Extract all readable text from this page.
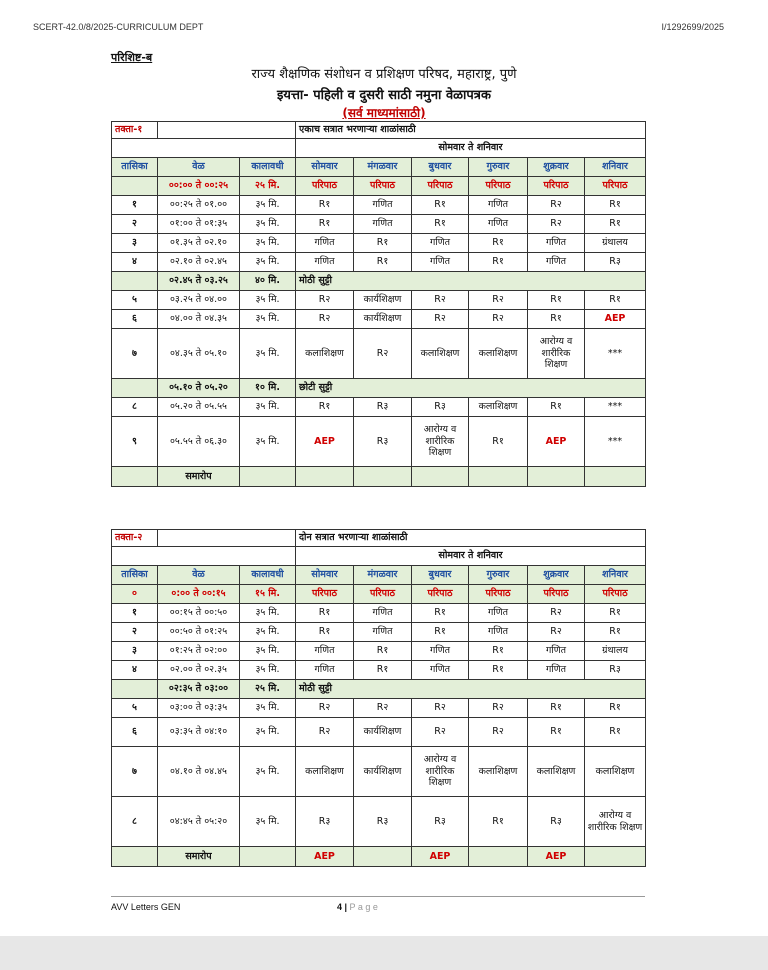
SCERT-42.0/8/2025-CURRICULUM DEPT	I/1292699/2025
परिशिष्ट-ब
राज्य शैक्षणिक संशोधन व प्रशिक्षण परिषद, महाराष्ट्र, पुणे
इयत्ता- पहिली व दुसरी साठी नमुना वेळापत्रक
(सर्व माध्यमांसाठी)
तक्ता-१			एकाच सत्रात भरणाऱ्या शाळांसाठी					
			सोमवार ते शनिवार					
तासिका	वेळ	कालावधी	सोमवार	मंगळवार	बुधवार	गुरुवार	शुक्रवार	शनिवार
	००:०० ते ००:२५	२५ मि.	परिपाठ	परिपाठ	परिपाठ	परिपाठ	परिपाठ	परिपाठ
१	००:२५ ते ०१.००	३५ मि.	R१	गणित	R१	गणित	R२	R१
२	०१:०० ते ०१:३५	३५ मि.	R१	गणित	R१	गणित	R२	R१
३	०१.३५ ते ०२.१०	३५ मि.	गणित	R१	गणित	R१	गणित	ग्रंथालय
४	०२.१० ते ०२.४५	३५ मि.	गणित	R१	गणित	R१	गणित	R३
	०२.४५ ते ०३.२५	४० मि.	मोठी सुट्टी					
५	०३.२५ ते ०४.००	३५ मि.	R२	कार्यशिक्षण	R२	R२	R१	R१
६	०४.०० ते ०४.३५	३५ मि.	R२	कार्यशिक्षण	R२	R२	R१	AEP
७	०४.३५ ते ०५.१०	३५ मि.	कलाशिक्षण	R२	कलाशिक्षण	कलाशिक्षण	आरोग्य व शारीरिक शिक्षण	***
	०५.१० ते ०५.२०	१० मि.	छोटी सुट्टी					
८	०५.२० ते ०५.५५	३५ मि.	R१	R३	R३	कलाशिक्षण	R१	***
९	०५.५५ ते ०६.३०	३५ मि.	AEP	R३	आरोग्य व शारीरिक शिक्षण	R१	AEP	***
	समारोप							
तक्ता-२			दोन सत्रात भरणाऱ्या शाळांसाठी					
			सोमवार ते शनिवार					
तासिका	वेळ	कालावधी	सोमवार	मंगळवार	बुधवार	गुरुवार	शुक्रवार	शनिवार
०	०:०० ते ००:१५	१५ मि.	परिपाठ	परिपाठ	परिपाठ	परिपाठ	परिपाठ	परिपाठ
१	००:१५ ते ००:५०	३५ मि.	R१	गणित	R१	गणित	R२	R१
२	००:५० ते ०१:२५	३५ मि.	R१	गणित	R१	गणित	R२	R१
३	०१:२५ ते ०२:००	३५ मि.	गणित	R१	गणित	R१	गणित	ग्रंथालय
४	०२.०० ते ०२.३५	३५ मि.	गणित	R१	गणित	R१	गणित	R३
	०२:३५ ते ०३:००	२५ मि.	मोठी सुट्टी					
५	०३:०० ते ०३:३५	३५ मि.	R२	R२	R२	R२	R१	R१
६	०३:३५ ते ०४:१०	३५ मि.	R२	कार्यशिक्षण	R२	R२	R१	R१
७	०४.१० ते ०४.४५	३५ मि.	कलाशिक्षण	कार्यशिक्षण	आरोग्य व शारीरिक शिक्षण	कलाशिक्षण	कलाशिक्षण	कलाशिक्षण
८	०४:४५ ते ०५:२०	३५ मि.	R३	R३	R३	R१	R३	आरोग्य व शारीरिक शिक्षण
	समारोप		AEP		AEP		AEP	
AVV Letters GEN	4 | P a g e
